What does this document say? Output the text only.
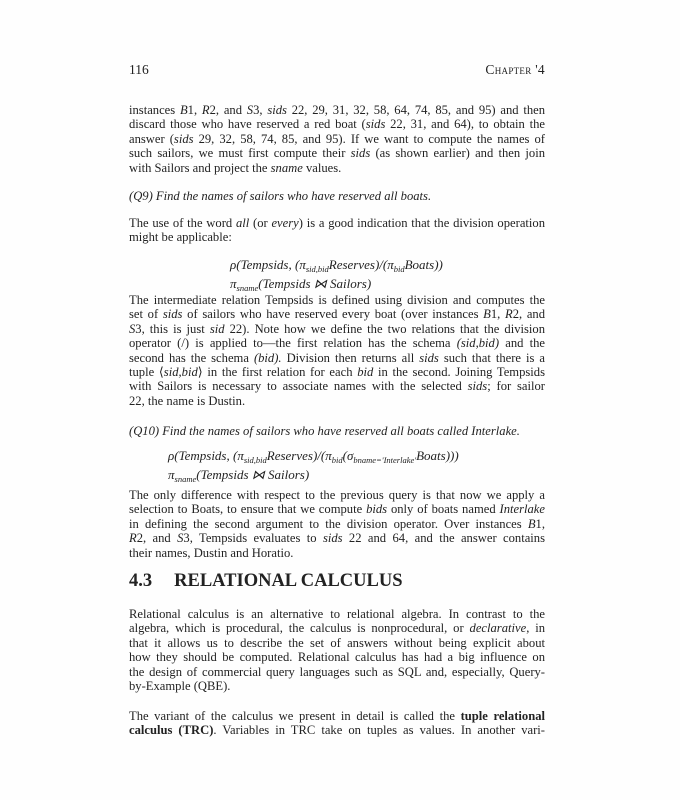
116	Chapter '4
instances B1, R2, and S3, sids 22, 29, 31, 32, 58, 64, 74, 85, and 95) and then
discard those who have reserved a red boat (sids 22, 31, and 64), to obtain the
answer (sids 29, 32, 58, 74, 85, and 95). If we want to compute the names of
such sailors, we must first compute their sids (as shown earlier) and then join
with Sailors and project the sname values.
(Q9) Find the names of sailors who have reserved all boats.
The use of the word all (or every) is a good indication that the division operation
might be applicable:
ρ(Tempsids, $(\pi_{sid,bid}Reserves)/(\pi_{bid}Boats)$)
$\pi_{sname}(Tempsids$ ⋈ Sailors)
The intermediate relation Tempsids is defined using division and computes the
set of sids of sailors who have reserved every boat (over instances B1, R2, and
S3, this is just sid 22). Note how we define the two relations that the division
operator (/) is applied to—the first relation has the schema (sid,bid) and the
second has the schema (bid). Division then returns all sids such that there is a
tuple ⟨sid,bid⟩ in the first relation for each bid in the second. Joining Tempsids
with Sailors is necessary to associate names with the selected sids; for sailor
22, the name is Dustin.
(Q10) Find the names of sailors who have reserved all boats called Interlake.
ρ(Tempsids, $(\pi_{sid,bid}Reserves)/(\pi_{bid}(\sigma_{bname='Interlake'}Boats))$)
$\pi_{sname}(Tempsids$ ⋈ Sailors)
The only difference with respect to the previous query is that now we apply a
selection to Boats, to ensure that we compute bids only of boats named Interlake
in defining the second argument to the division operator. Over instances B1,
R2, and S3, Tempsids evaluates to sids 22 and 64, and the answer contains
their names, Dustin and Horatio.
4.3 RELATIONAL CALCULUS
Relational calculus is an alternative to relational algebra. In contrast to the
algebra, which is procedural, the calculus is nonprocedural, or declarative, in
that it allows us to describe the set of answers without being explicit about
how they should be computed. Relational calculus has had a big influence on
the design of commercial query languages such as SQL and, especially, Query-
by-Example (QBE).
The variant of the calculus we present in detail is called the tuple relational
calculus (TRC). Variables in TRC take on tuples as values. In another vari-
